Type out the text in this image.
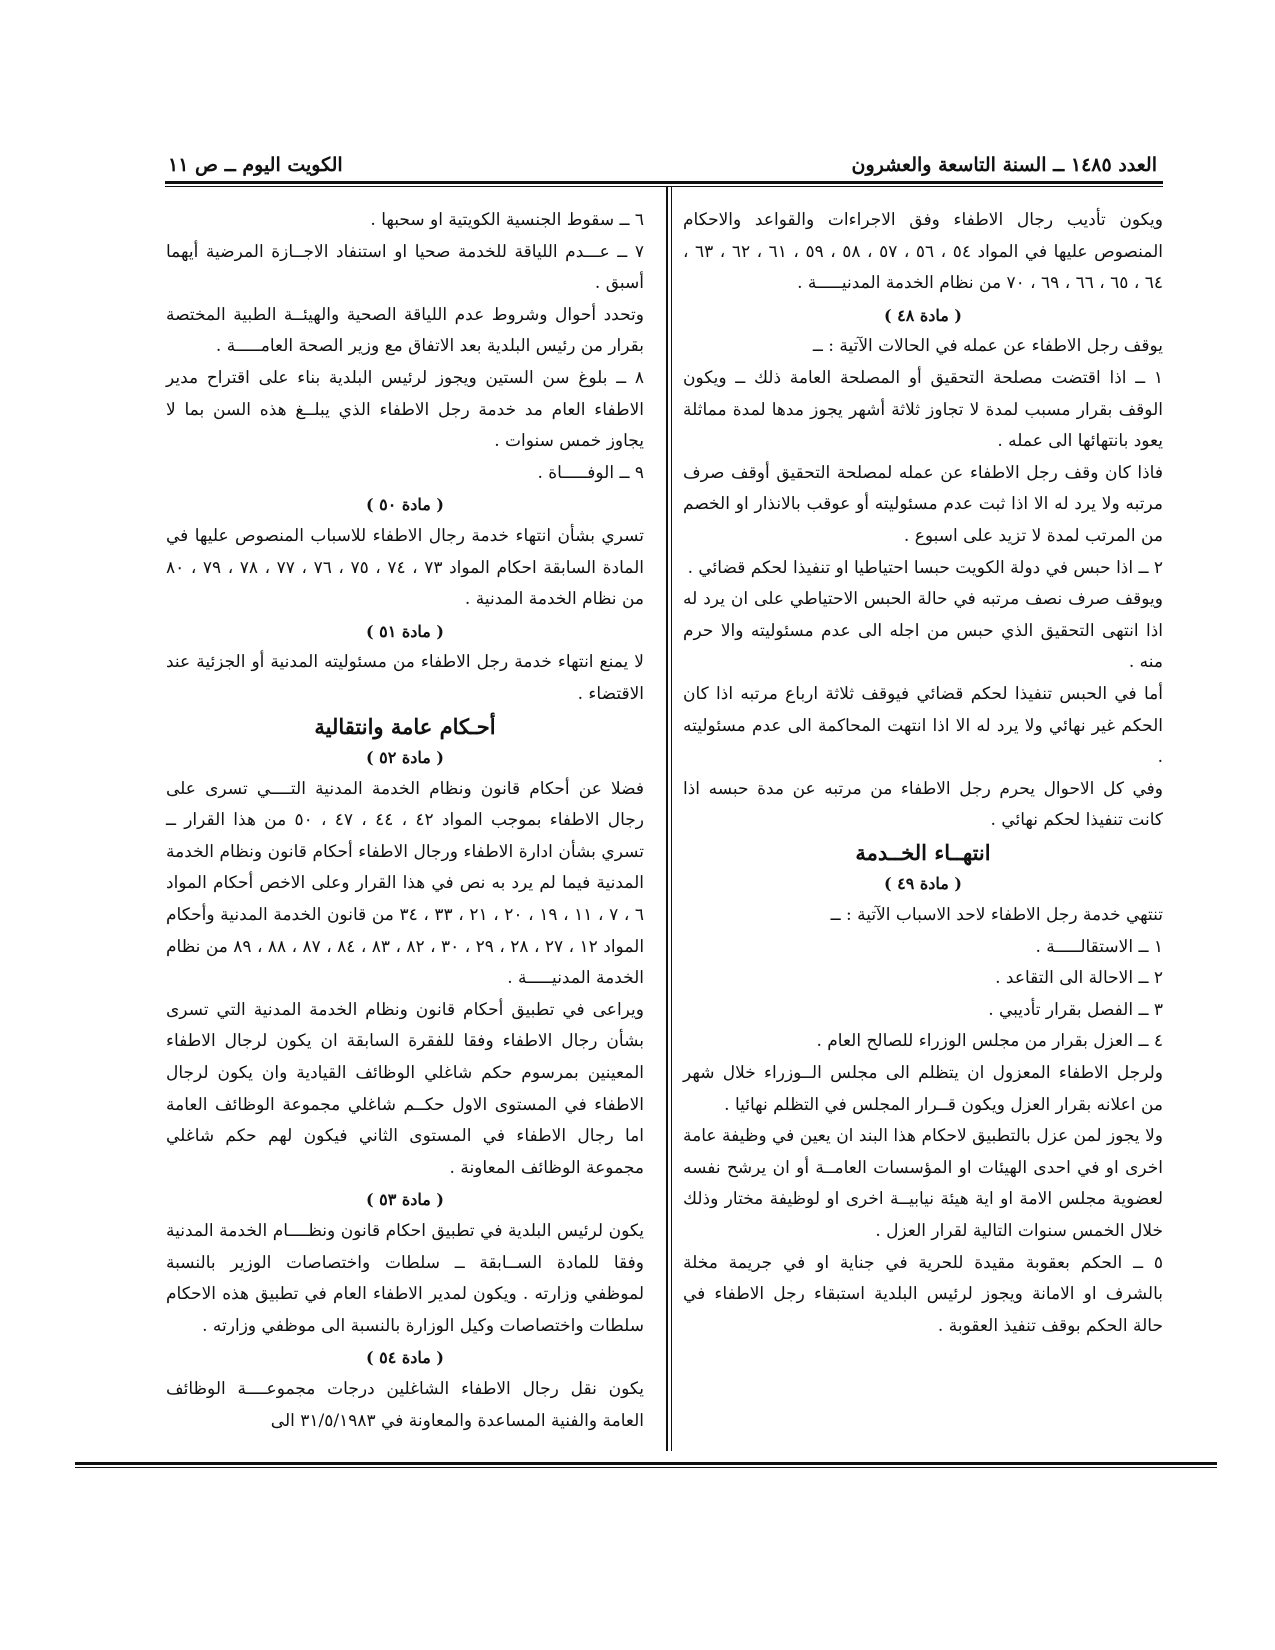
العدد ١٤٨٥ ــ السنة التاسعة والعشرون
الكويت اليوم ــ ص ١١

ويكون تأديب رجال الاطفاء وفق الاجراءات والقواعد والاحكام المنصوص عليها في المواد ٥٤ ، ٥٦ ، ٥٧ ، ٥٨ ، ٥٩ ، ٦١ ، ٦٢ ، ٦٣ ، ٦٤ ، ٦٥ ، ٦٦ ، ٦٩ ، ٧٠ من نظام الخدمة المدنيـــــة .

( مادة ٤٨ )

يوقف رجل الاطفاء عن عمله في الحالات الآتية : ــ

١ ــ اذا اقتضت مصلحة التحقيق أو المصلحة العامة ذلك ــ ويكون الوقف بقرار مسبب لمدة لا تجاوز ثلاثة أشهر يجوز مدها لمدة مماثلة يعود بانتهائها الى عمله .

فاذا كان وقف رجل الاطفاء عن عمله لمصلحة التحقيق أوقف صرف مرتبه ولا يرد له الا اذا ثبت عدم مسئوليته أو عوقب بالانذار او الخصم من المرتب لمدة لا تزيد على اسبوع .

٢ ــ اذا حبس في دولة الكويت حبسا احتياطيا او تنفيذا لحكم قضائي .

ويوقف صرف نصف مرتبه في حالة الحبس الاحتياطي على ان يرد له اذا انتهى التحقيق الذي حبس من اجله الى عدم مسئوليته والا حرم منه .

أما في الحبس تنفيذا لحكم قضائي فيوقف ثلاثة ارباع مرتبه اذا كان الحكم غير نهائي ولا يرد له الا اذا انتهت المحاكمة الى عدم مسئوليته .

وفي كل الاحوال يحرم رجل الاطفاء من مرتبه عن مدة حبسه اذا كانت تنفيذا لحكم نهائي .

انتهــاء الخــدمة

( مادة ٤٩ )

تنتهي خدمة رجل الاطفاء لاحد الاسباب الآتية : ــ

١ ــ الاستقالـــــة .

٢ ــ الاحالة الى التقاعد .

٣ ــ الفصل بقرار تأديبي .

٤ ــ العزل بقرار من مجلس الوزراء للصالح العام .

ولرجل الاطفاء المعزول ان يتظلم الى مجلس الــوزراء خلال شهر من اعلانه بقرار العزل ويكون قــرار المجلس في التظلم نهائيا .

ولا يجوز لمن عزل بالتطبيق لاحكام هذا البند ان يعين في وظيفة عامة اخرى او في احدى الهيئات او المؤسسات العامــة أو ان يرشح نفسه لعضوية مجلس الامة او اية هيئة نيابيــة اخرى او لوظيفة مختار وذلك خلال الخمس سنوات التالية لقرار العزل .

٥ ــ الحكم بعقوبة مقيدة للحرية في جناية او في جريمة مخلة بالشرف او الامانة ويجوز لرئيس البلدية استبقاء رجل الاطفاء في حالة الحكم بوقف تنفيذ العقوبة .

٦ ــ سقوط الجنسية الكويتية او سحبها .

٧ ــ عـــدم اللياقة للخدمة صحيا او استنفاد الاجــازة المرضية أيهما أسبق .

وتحدد أحوال وشروط عدم اللياقة الصحية والهيئــة الطبية المختصة بقرار من رئيس البلدية بعد الاتفاق مع وزير الصحة العامـــــة .

٨ ــ بلوغ سن الستين ويجوز لرئيس البلدية بناء على اقتراح مدير الاطفاء العام مد خدمة رجل الاطفاء الذي يبلــغ هذه السن بما لا يجاوز خمس سنوات .

٩ ــ الوفـــــاة .

( مادة ٥٠ )

تسري بشأن انتهاء خدمة رجال الاطفاء للاسباب المنصوص عليها في المادة السابقة احكام المواد ٧٣ ، ٧٤ ، ٧٥ ، ٧٦ ، ٧٧ ، ٧٨ ، ٧٩ ، ٨٠ من نظام الخدمة المدنية .

( مادة ٥١ )

لا يمنع انتهاء خدمة رجل الاطفاء من مسئوليته المدنية أو الجزئية عند الاقتضاء .

أحـكام عامة وانتقالية

( مادة ٥٢ )

فضلا عن أحكام قانون ونظام الخدمة المدنية التــــي تسرى على رجال الاطفاء بموجب المواد ٤٢ ، ٤٤ ، ٤٧ ، ٥٠ من هذا القرار ــ تسري بشأن ادارة الاطفاء ورجال الاطفاء أحكام قانون ونظام الخدمة المدنية فيما لم يرد به نص في هذا القرار وعلى الاخص أحكام المواد ٦ ، ٧ ، ١١ ، ١٩ ، ٢٠ ، ٢١ ، ٣٣ ، ٣٤ من قانون الخدمة المدنية وأحكام المواد ١٢ ، ٢٧ ، ٢٨ ، ٢٩ ، ٣٠ ، ٨٢ ، ٨٣ ، ٨٤ ، ٨٧ ، ٨٨ ، ٨٩ من نظام الخدمة المدنيـــــة .

ويراعى في تطبيق أحكام قانون ونظام الخدمة المدنية التي تسرى بشأن رجال الاطفاء وفقا للفقرة السابقة ان يكون لرجال الاطفاء المعينين بمرسوم حكم شاغلي الوظائف القيادية وان يكون لرجال الاطفاء في المستوى الاول حكــم شاغلي مجموعة الوظائف العامة اما رجال الاطفاء في المستوى الثاني فيكون لهم حكم شاغلي مجموعة الوظائف المعاونة .

( مادة ٥٣ )

يكون لرئيس البلدية في تطبيق احكام قانون ونظــــام الخدمة المدنية وفقا للمادة الســابقة ــ سلطات واختصاصات الوزير بالنسبة لموظفي وزارته . ويكون لمدير الاطفاء العام في تطبيق هذه الاحكام سلطات واختصاصات وكيل الوزارة بالنسبة الى موظفي وزارته .

( مادة ٥٤ )

يكون نقل رجال الاطفاء الشاغلين درجات مجموعــــة الوظائف العامة والفنية المساعدة والمعاونة في ٣١/٥/١٩٨٣ الى
